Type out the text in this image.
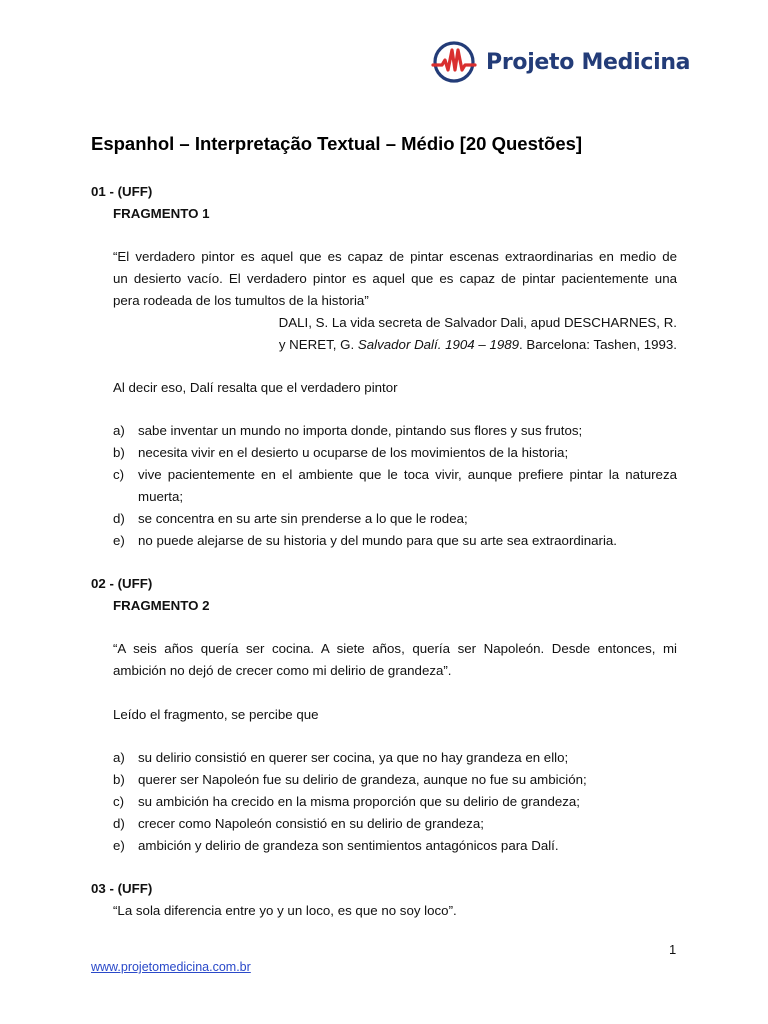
Projeto Medicina
Espanhol – Interpretação Textual – Médio [20 Questões]
01 - (UFF)
FRAGMENTO 1
“El verdadero pintor es aquel que es capaz de pintar escenas extraordinarias en medio de
un desierto vacío. El verdadero pintor es aquel que es capaz de pintar pacientemente una
pera rodeada de los tumultos de la historia”
DALI, S. La vida secreta de Salvador Dali, apud DESCHARNES, R.
y NERET, G. Salvador Dalí. 1904 – 1989. Barcelona: Tashen, 1993.
Al decir eso, Dalí resalta que el verdadero pintor
a) sabe inventar un mundo no importa donde, pintando sus flores y sus frutos;
b) necesita vivir en el desierto u ocuparse de los movimientos de la historia;
c) vive pacientemente en el ambiente que le toca vivir, aunque prefiere pintar la natureza
muerta;
d) se concentra en su arte sin prenderse a lo que le rodea;
e) no puede alejarse de su historia y del mundo para que su arte sea extraordinaria.
02 - (UFF)
FRAGMENTO 2
“A seis años quería ser cocina. A siete años, quería ser Napoleón. Desde entonces, mi
ambición no dejó de crecer como mi delirio de grandeza”.
Leído el fragmento, se percibe que
a) su delirio consistió en querer ser cocina, ya que no hay grandeza en ello;
b) querer ser Napoleón fue su delirio de grandeza, aunque no fue su ambición;
c) su ambición ha crecido en la misma proporción que su delirio de grandeza;
d) crecer como Napoleón consistió en su delirio de grandeza;
e) ambición y delirio de grandeza son sentimientos antagónicos para Dalí.
03 - (UFF)
“La sola diferencia entre yo y un loco, es que no soy loco”.
1
www.projetomedicina.com.br
